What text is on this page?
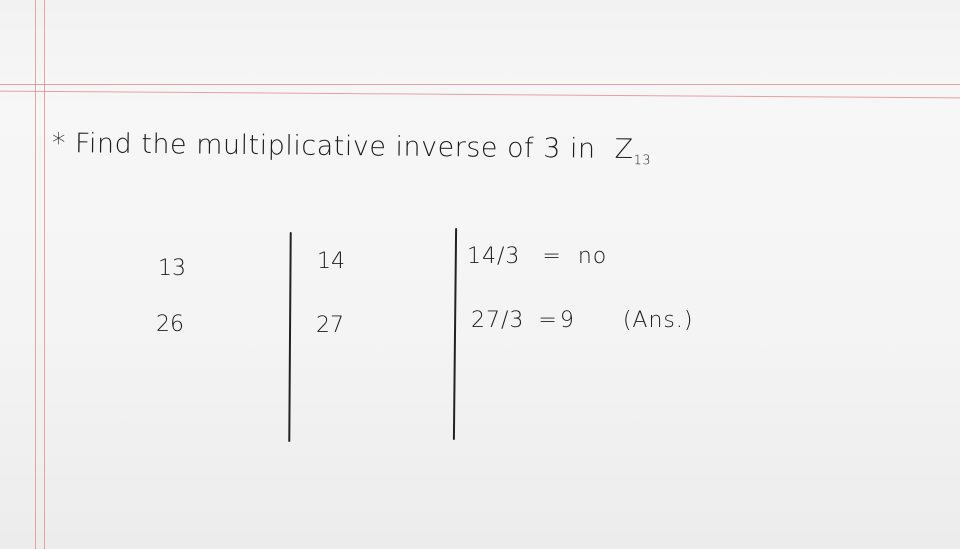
* Find the multiplicative inverse of 3 in $Z_{13}$
13
26
14
27
14/3 = no
27/3 =9 (Ans.)
